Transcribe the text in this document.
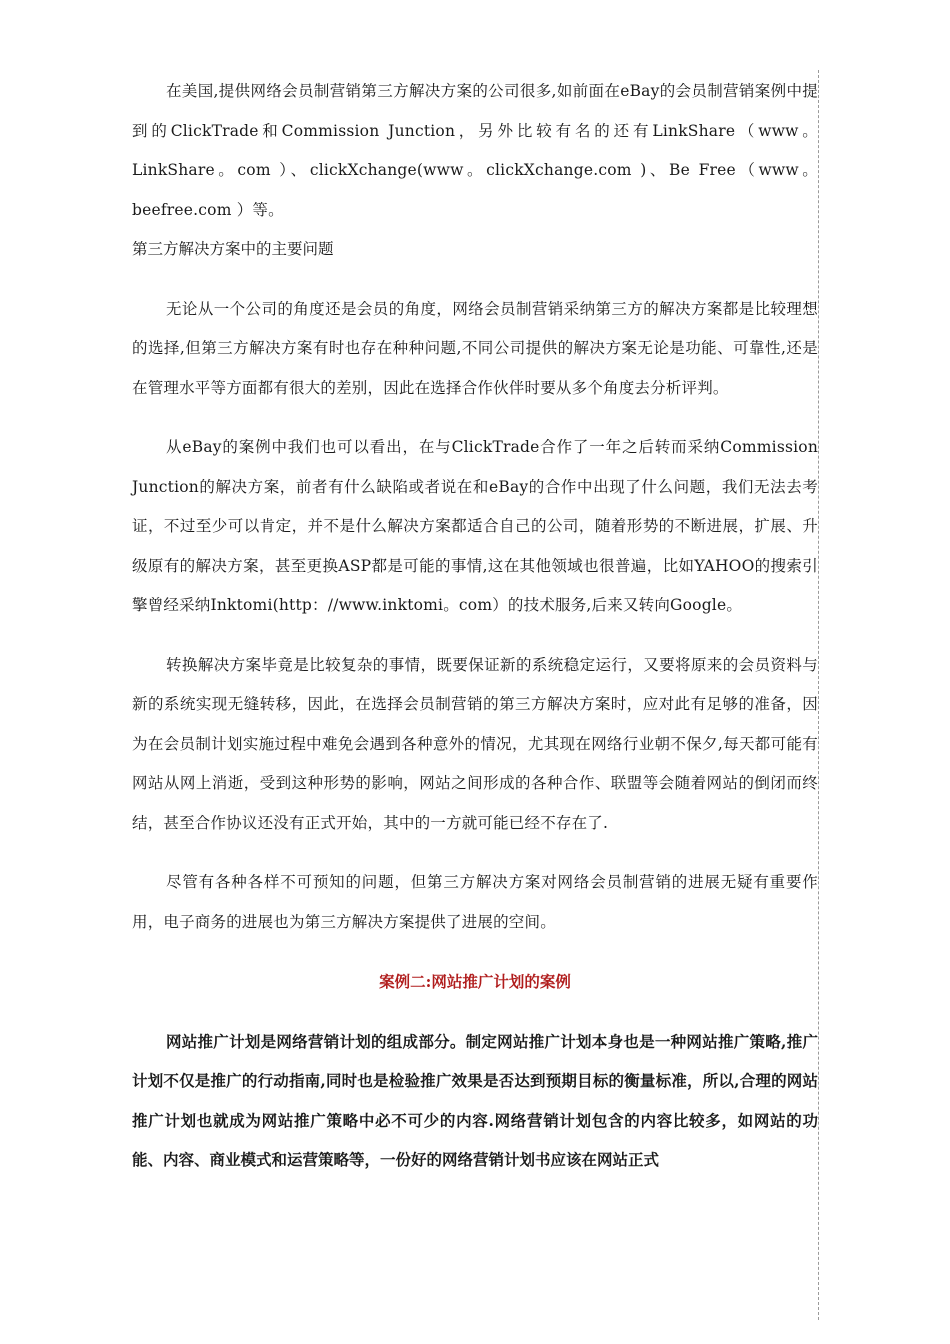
在美国,提供网络会员制营销第三方解决方案的公司很多,如前面在eBay的会员制营销案例中提到的ClickTrade和Commission Junction，另外比较有名的还有LinkShare（www。LinkShare。com ）、clickXchange(www。clickXchange.com )、Be Free（www。beefree.com ）等。

第三方解决方案中的主要问题

无论从一个公司的角度还是会员的角度，网络会员制营销采纳第三方的解决方案都是比较理想的选择,但第三方解决方案有时也存在种种问题,不同公司提供的解决方案无论是功能、可靠性,还是在管理水平等方面都有很大的差别，因此在选择合作伙伴时要从多个角度去分析评判。

从eBay的案例中我们也可以看出，在与ClickTrade合作了一年之后转而采纳Commission Junction的解决方案，前者有什么缺陷或者说在和eBay的合作中出现了什么问题，我们无法去考证，不过至少可以肯定，并不是什么解决方案都适合自己的公司，随着形势的不断进展，扩展、升级原有的解决方案，甚至更换ASP都是可能的事情,这在其他领域也很普遍，比如YAHOO的搜索引擎曾经采纳Inktomi(http：//www.inktomi。com）的技术服务,后来又转向Google。

转换解决方案毕竟是比较复杂的事情，既要保证新的系统稳定运行，又要将原来的会员资料与新的系统实现无缝转移，因此，在选择会员制营销的第三方解决方案时，应对此有足够的准备，因为在会员制计划实施过程中难免会遇到各种意外的情况，尤其现在网络行业朝不保夕,每天都可能有网站从网上消逝，受到这种形势的影响，网站之间形成的各种合作、联盟等会随着网站的倒闭而终结，甚至合作协议还没有正式开始，其中的一方就可能已经不存在了.

尽管有各种各样不可预知的问题，但第三方解决方案对网络会员制营销的进展无疑有重要作用，电子商务的进展也为第三方解决方案提供了进展的空间。

案例二:网站推广计划的案例

网站推广计划是网络营销计划的组成部分。制定网站推广计划本身也是一种网站推广策略,推广计划不仅是推广的行动指南,同时也是检验推广效果是否达到预期目标的衡量标准，所以,合理的网站推广计划也就成为网站推广策略中必不可少的内容.网络营销计划包含的内容比较多，如网站的功能、内容、商业模式和运营策略等，一份好的网络营销计划书应该在网站正式
